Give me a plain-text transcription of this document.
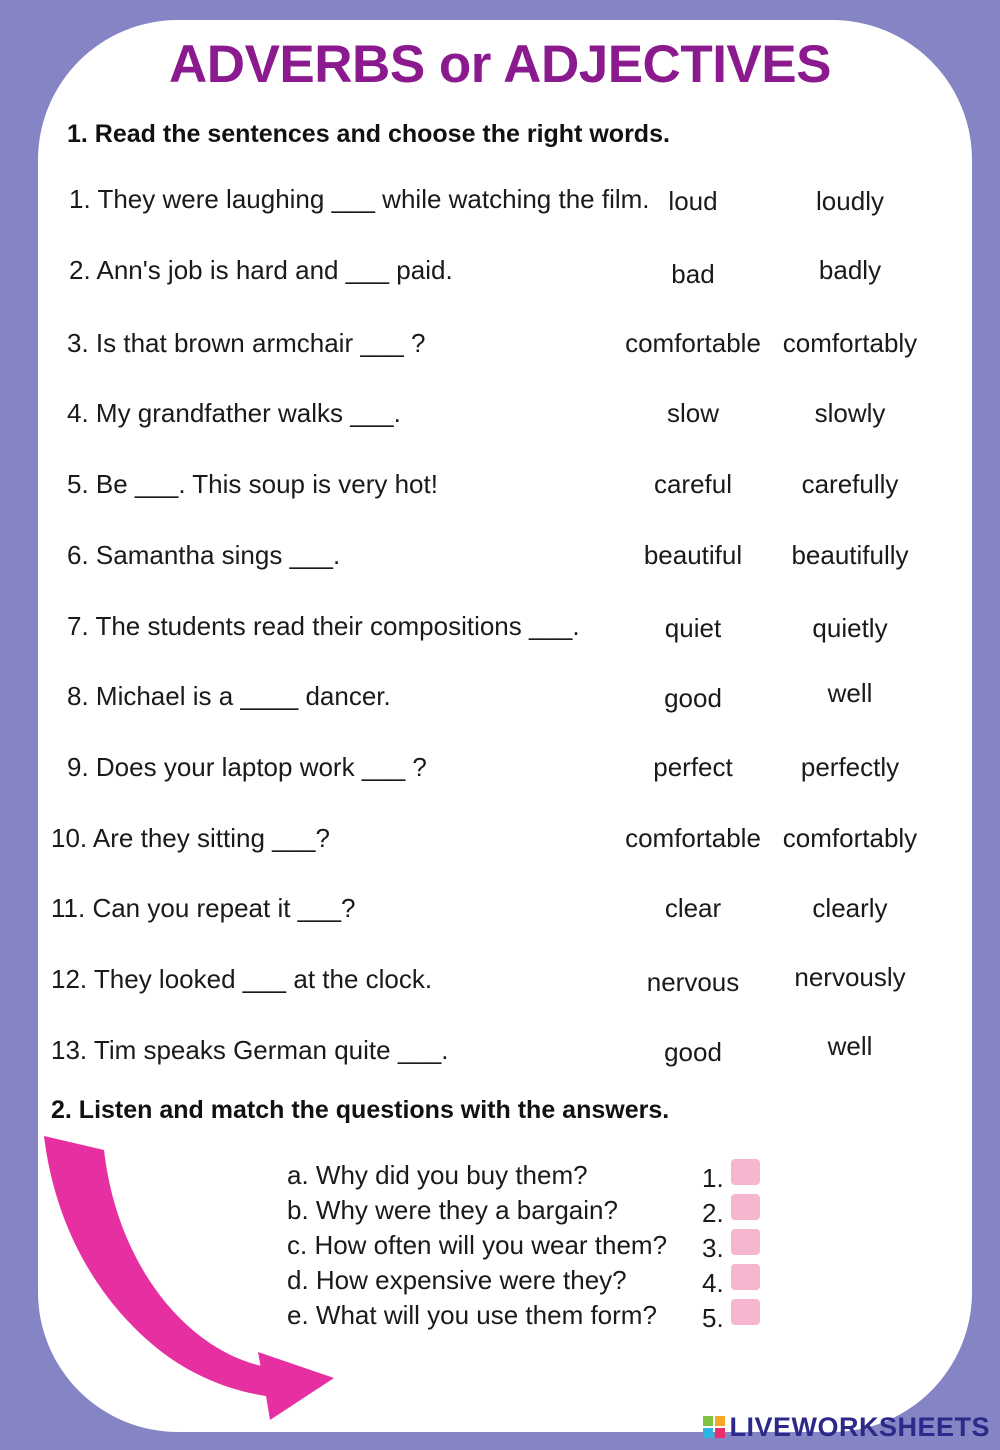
ADVERBS or ADJECTIVES
1. Read the sentences and choose the right words.
1. They were laughing ___ while watching the film. loud	loudly
2. Ann's job is hard and ___ paid.	bad	badly
3. Is that brown armchair ___ ?	comfortable comfortably
4. My grandfather walks ___.	slow	slowly
5. Be ___. This soup is very hot!	careful	carefully
6. Samantha sings ___.	beautiful beautifully
7. The students read their compositions ___.	quiet	quietly
8. Michael is a ____ dancer.	good	well
9. Does your laptop work ___ ?	perfect	perfectly
10. Are they sitting ___?	comfortable comfortably
11. Can you repeat it ___?	clear	clearly
12. They looked ___ at the clock.	nervous nervously
13. Tim speaks German quite ___.	good	well
2. Listen and match the questions with the answers.
a. Why did you buy them?	1.
b. Why were they a bargain?	2.
c. How often will you wear them? 3.
d. How expensive were they?	4.
e. What will you use them form? 5.
LIVEWORKSHEETS
